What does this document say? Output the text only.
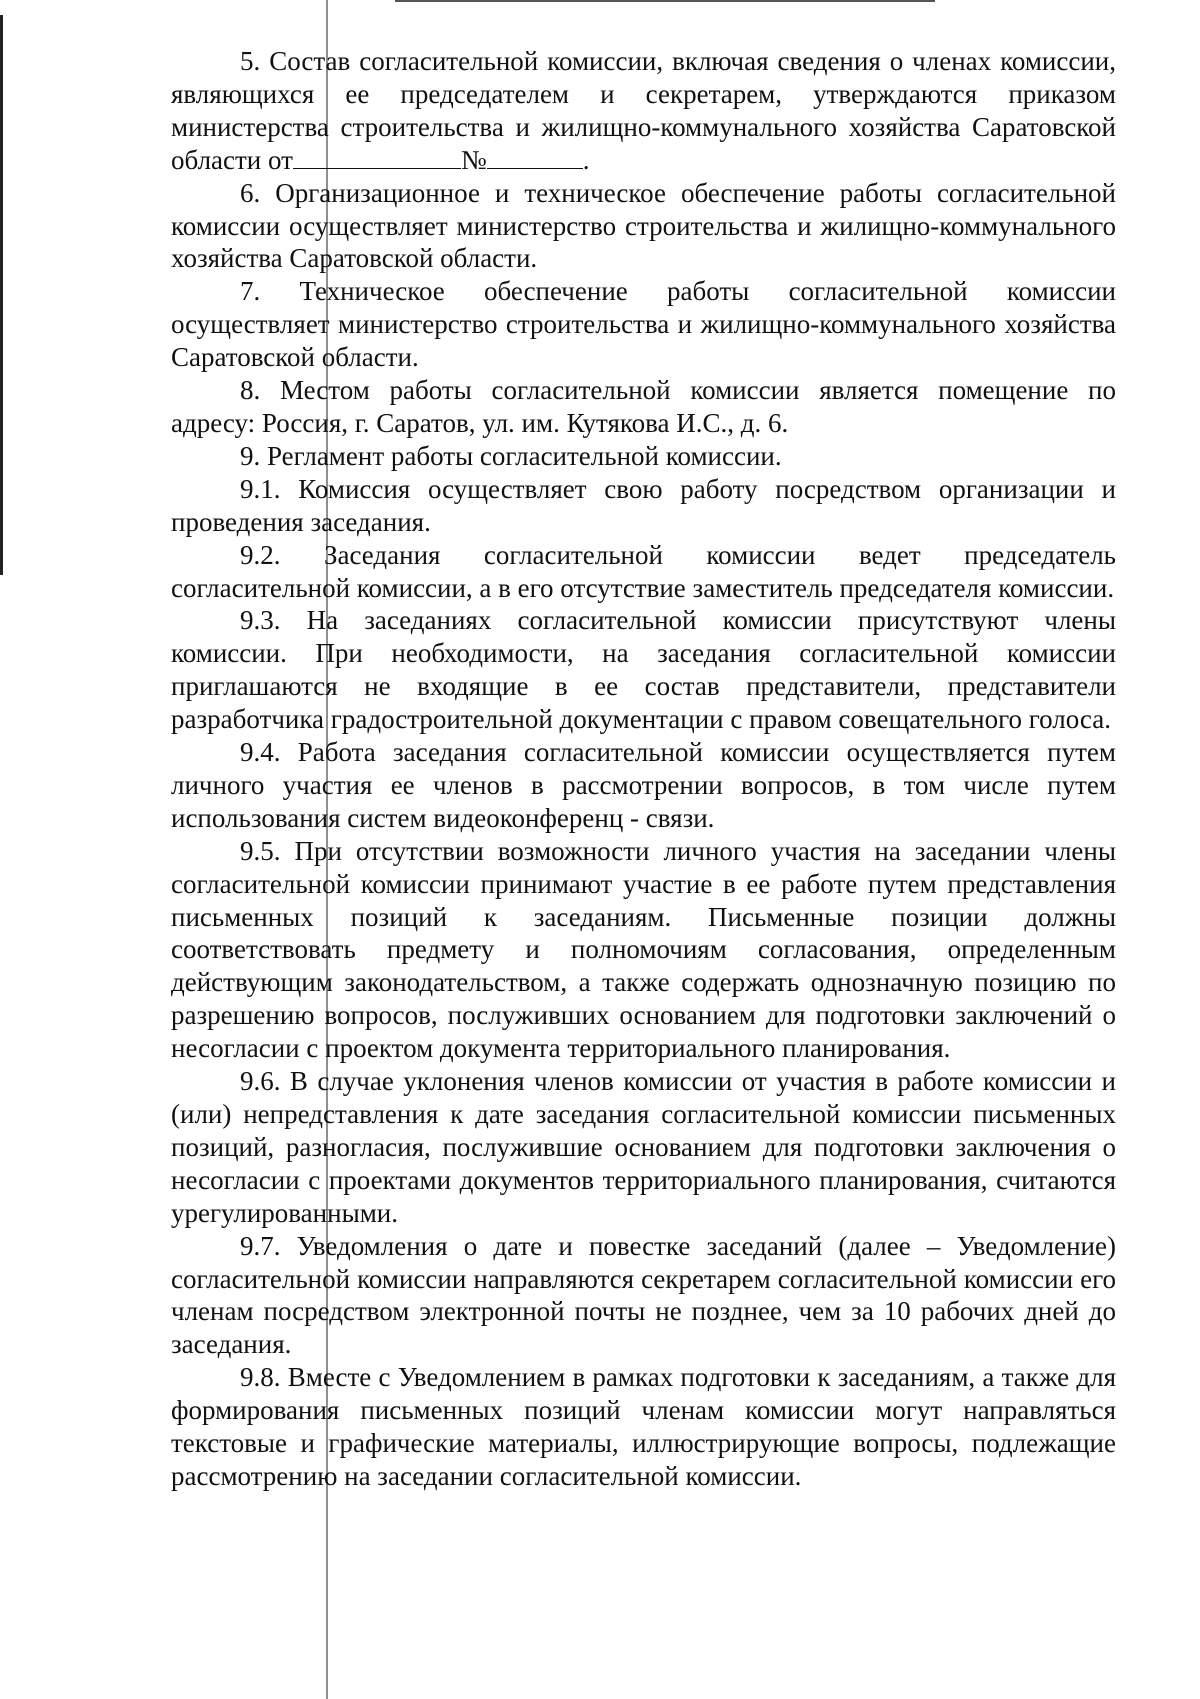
5. Состав согласительной комиссии, включая сведения о членах комиссии, являющихся ее председателем и секретарем, утверждаются приказом министерства строительства и жилищно-коммунального хозяйства Саратовской области от	№	.

6. Организационное и техническое обеспечение работы согласительной комиссии осуществляет министерство строительства и жилищно-коммунального хозяйства Саратовской области.

7. Техническое обеспечение работы согласительной комиссии осуществляет министерство строительства и жилищно-коммунального хозяйства Саратовской области.

8. Местом работы согласительной комиссии является помещение по адресу: Россия, г. Саратов, ул. им. Кутякова И.С., д. 6.

9. Регламент работы согласительной комиссии.

9.1. Комиссия осуществляет свою работу посредством организации и проведения заседания.

9.2. Заседания согласительной комиссии ведет председатель согласительной комиссии, а в его отсутствие заместитель председателя комиссии.

9.3. На заседаниях согласительной комиссии присутствуют члены комиссии. При необходимости, на заседания согласительной комиссии приглашаются не входящие в ее состав представители, представители разработчика градостроительной документации с правом совещательного голоса.

9.4. Работа заседания согласительной комиссии осуществляется путем личного участия ее членов в рассмотрении вопросов, в том числе путем использования систем видеоконференц - связи.

9.5. При отсутствии возможности личного участия на заседании члены согласительной комиссии принимают участие в ее работе путем представления письменных позиций к заседаниям. Письменные позиции должны соответствовать предмету и полномочиям согласования, определенным действующим законодательством, а также содержать однозначную позицию по разрешению вопросов, послуживших основанием для подготовки заключений о несогласии с проектом документа территориального планирования.

9.6. В случае уклонения членов комиссии от участия в работе комиссии и (или) непредставления к дате заседания согласительной комиссии письменных позиций, разногласия, послужившие основанием для подготовки заключения о несогласии с проектами документов территориального планирования, считаются урегулированными.

9.7. Уведомления о дате и повестке заседаний (далее – Уведомление) согласительной комиссии направляются секретарем согласительной комиссии его членам посредством электронной почты не позднее, чем за 10 рабочих дней до заседания.

9.8. Вместе с Уведомлением в рамках подготовки к заседаниям, а также для формирования письменных позиций членам комиссии могут направляться текстовые и графические материалы, иллюстрирующие вопросы, подлежащие рассмотрению на заседании согласительной комиссии.
